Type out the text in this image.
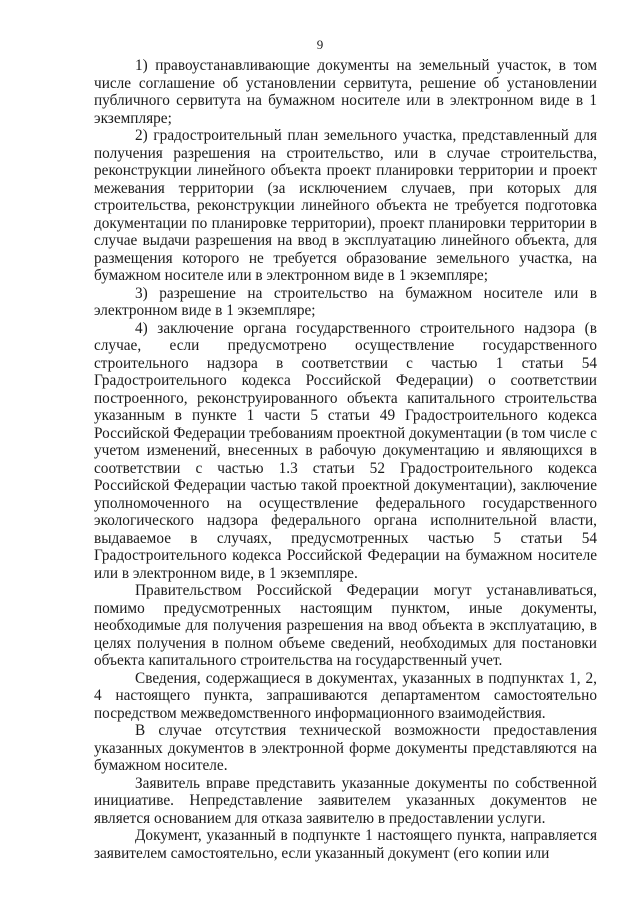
9

1) правоустанавливающие документы на земельный участок, в том числе соглашение об установлении сервитута, решение об установлении публичного сервитута на бумажном носителе или в электронном виде в 1 экземпляре;

2) градостроительный план земельного участка, представленный для получения разрешения на строительство, или в случае строительства, реконструкции линейного объекта проект планировки территории и проект межевания территории (за исключением случаев, при которых для строительства, реконструкции линейного объекта не требуется подготовка документации по планировке территории), проект планировки территории в случае выдачи разрешения на ввод в эксплуатацию линейного объекта, для размещения которого не требуется образование земельного участка, на бумажном носителе или в электронном виде в 1 экземпляре;

3) разрешение на строительство на бумажном носителе или в электронном виде в 1 экземпляре;

4) заключение органа государственного строительного надзора (в случае, если предусмотрено осуществление государственного строительного надзора в соответствии с частью 1 статьи 54 Градостроительного кодекса Российской Федерации) о соответствии построенного, реконструированного объекта капитального строительства указанным в пункте 1 части 5 статьи 49 Градостроительного кодекса Российской Федерации требованиям проектной документации (в том числе с учетом изменений, внесенных в рабочую документацию и являющихся в соответствии с частью 1.3 статьи 52 Градостроительного кодекса Российской Федерации частью такой проектной документации), заключение уполномоченного на осуществление федерального государственного экологического надзора федерального органа исполнительной власти, выдаваемое в случаях, предусмотренных частью 5 статьи 54 Градостроительного кодекса Российской Федерации на бумажном носителе или в электронном виде, в 1 экземпляре.

Правительством Российской Федерации могут устанавливаться, помимо предусмотренных настоящим пунктом, иные документы, необходимые для получения разрешения на ввод объекта в эксплуатацию, в целях получения в полном объеме сведений, необходимых для постановки объекта капитального строительства на государственный учет.

Сведения, содержащиеся в документах, указанных в подпунктах 1, 2, 4 настоящего пункта, запрашиваются департаментом самостоятельно посредством межведомственного информационного взаимодействия.

В случае отсутствия технической возможности предоставления указанных документов в электронной форме документы представляются на бумажном носителе.

Заявитель вправе представить указанные документы по собственной инициативе. Непредставление заявителем указанных документов не является основанием для отказа заявителю в предоставлении услуги.

Документ, указанный в подпункте 1 настоящего пункта, направляется заявителем самостоятельно, если указанный документ (его копии или
